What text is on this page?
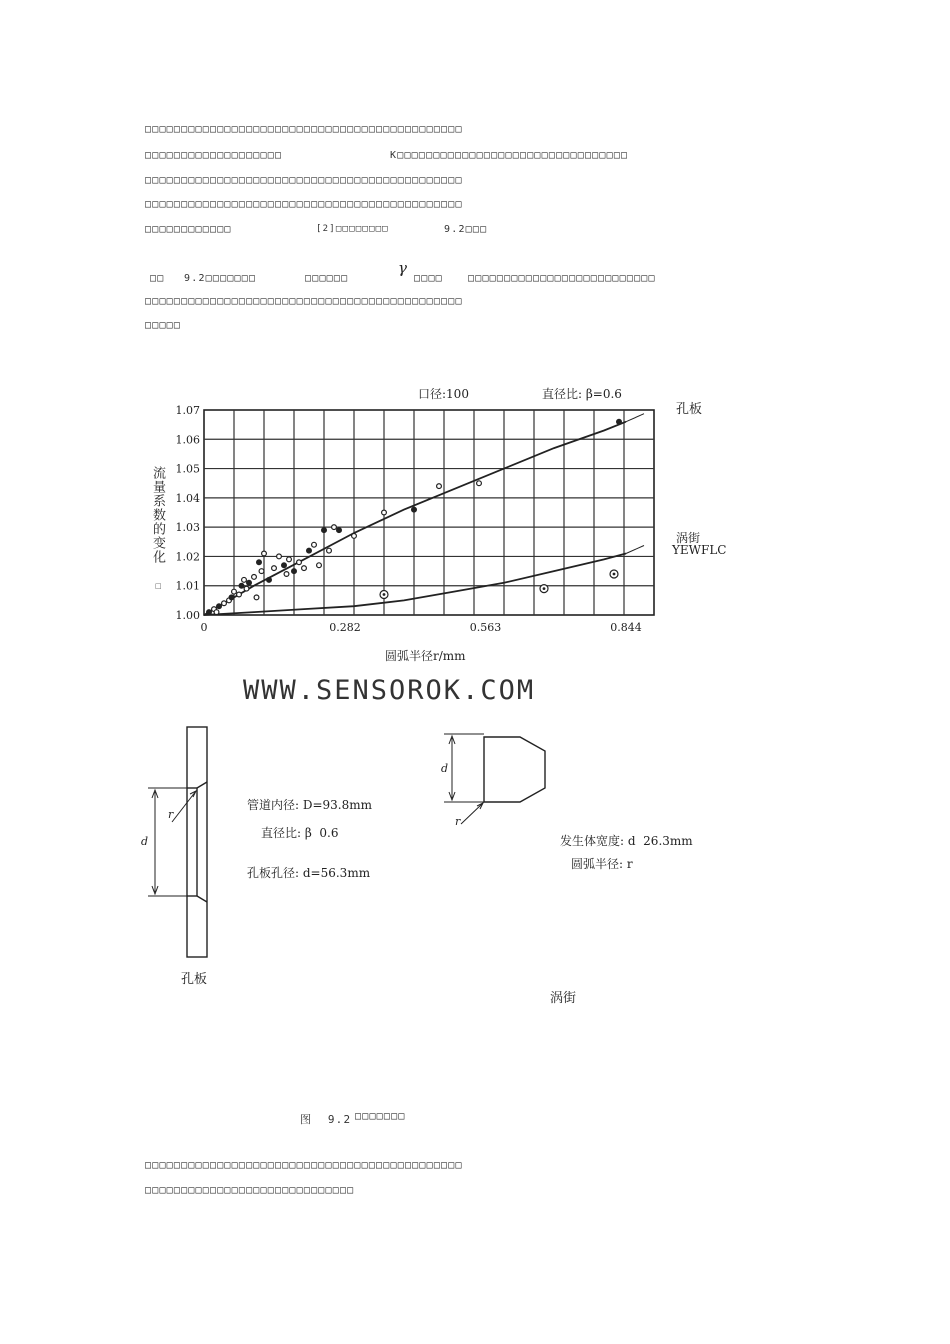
□□□□□□□□□□□□□□□□□□□□□□□□□□□□□□□□□□□□□□□□□□□□
□□□□□□□□□□□□□□□□□□□	K□□□□□□□□□□□□□□□□□□□□□□□□□□□□□□□□
□□□□□□□□□□□□□□□□□□□□□□□□□□□□□□□□□□□□□□□□□□□□
□□□□□□□□□□□□□□□□□□□□□□□□□□□□□□□□□□□□□□□□□□□□
□□□□□□□□□□□□	[2]□□□□□□□□	9.2□□□
□□ 9.2□□□□□□□	□□□□□□
γ
□□□□	□□□□□□□□□□□□□□□□□□□□□□□□□□
□□□□□□□□□□□□□□□□□□□□□□□□□□□□□□□□□□□□□□□□□□□□
□□□□□
1.00
1.01
1.02
1.03
1.04
1.05
1.06
1.07
0	0.282	0.563	0.844
口径:100	直径比: β=0.6
孔板
涡街
YEWFLC
□
流量系数的变化
圆弧半径r/mm
WWW.SENSOROK.COM
r
d
管道内径: D=93.8mm
直径比: β  0.6
孔板孔径: d=56.3mm
孔板
d
r
发生体宽度: d  26.3mm
圆弧半径: r
涡街
图  9.2 □□□□□□□
□□□□□□□□□□□□□□□□□□□□□□□□□□□□□□□□□□□□□□□□□□□□
□□□□□□□□□□□□□□□□□□□□□□□□□□□□□
